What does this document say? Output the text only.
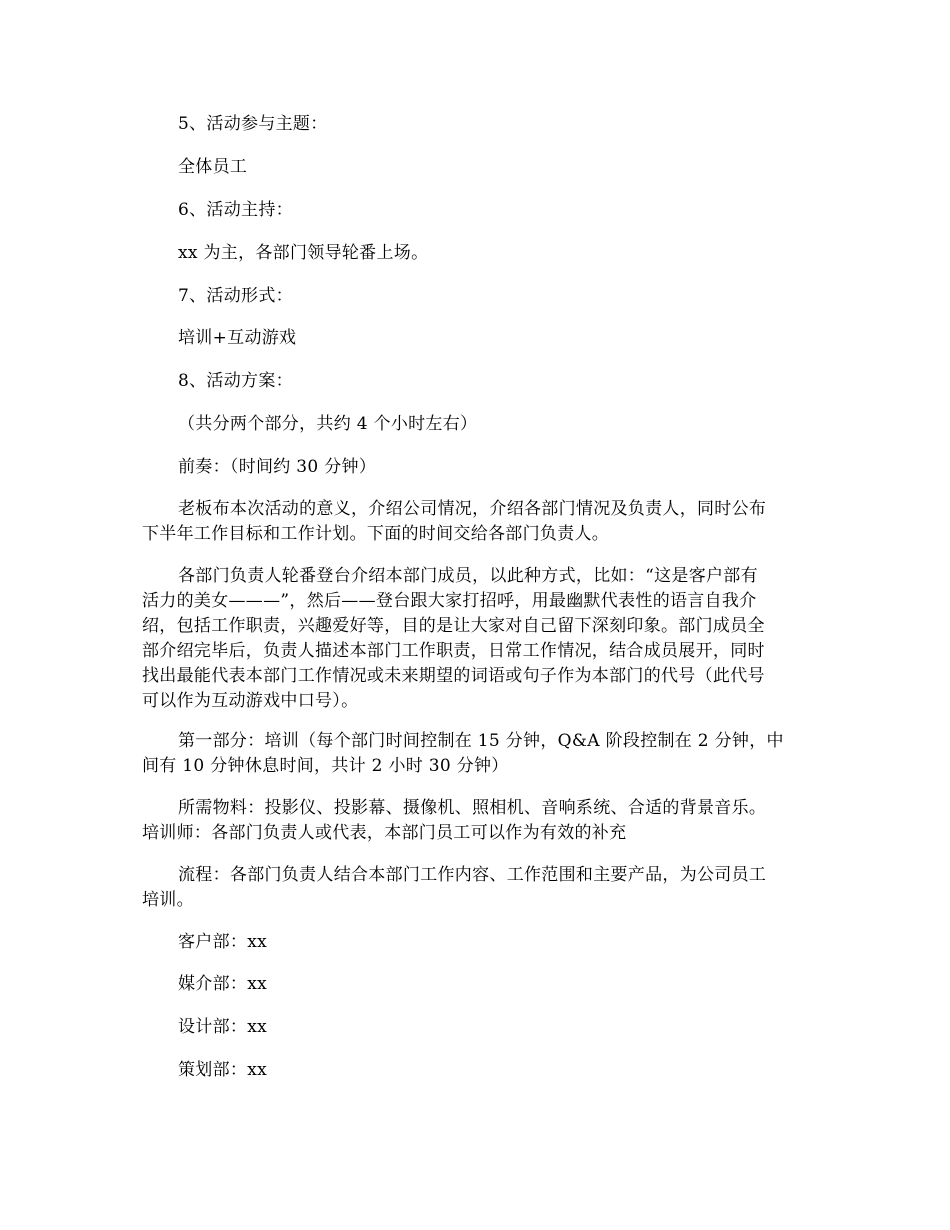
5、活动参与主题：

全体员工

6、活动主持：

xx 为主，各部门领导轮番上场。

7、活动形式：

培训+互动游戏

8、活动方案：

（共分两个部分，共约 4 个小时左右）

前奏：（时间约 30 分钟）

老板布本次活动的意义，介绍公司情况，介绍各部门情况及负责人，同时公布
下半年工作目标和工作计划。下面的时间交给各部门负责人。

各部门负责人轮番登台介绍本部门成员，以此种方式，比如：“这是客户部有
活力的美女———”，然后——登台跟大家打招呼，用最幽默代表性的语言自我介
绍，包括工作职责，兴趣爱好等，目的是让大家对自己留下深刻印象。部门成员全
部介绍完毕后，负责人描述本部门工作职责，日常工作情况，结合成员展开，同时
找出最能代表本部门工作情况或未来期望的词语或句子作为本部门的代号（此代号
可以作为互动游戏中口号）。

第一部分：培训（每个部门时间控制在 15 分钟，Q&A 阶段控制在 2 分钟，中
间有 10 分钟休息时间，共计 2 小时 30 分钟）

所需物料：投影仪、投影幕、摄像机、照相机、音响系统、合适的背景音乐。
培训师：各部门负责人或代表，本部门员工可以作为有效的补充

流程：各部门负责人结合本部门工作内容、工作范围和主要产品，为公司员工
培训。

客户部：xx

媒介部：xx

设计部：xx

策划部：xx
